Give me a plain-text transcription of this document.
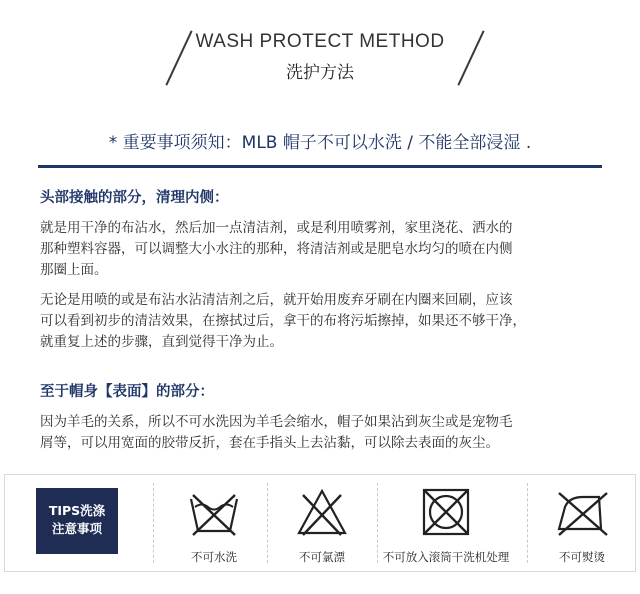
WASH PROTECT METHOD
洗护方法
* 重要事项须知：MLB 帽子不可以水洗 / 不能全部浸湿 .
头部接触的部分，清理内侧：

就是用干净的布沾水，然后加一点清洁剂，或是利用喷雾剂，家里浇花、洒水的
那种塑料容器，可以调整大小水注的那种，将清洁剂或是肥皂水均匀的喷在内侧
那圈上面。

无论是用喷的或是布沾水沾清洁剂之后，就开始用废弃牙刷在内圈来回刷，应该
可以看到初步的清洁效果，在擦拭过后，拿干的布将污垢擦掉，如果还不够干净，
就重复上述的步骤，直到觉得干净为止。

至于帽身【表面】的部分：

因为羊毛的关系，所以不可水洗因为羊毛会缩水，帽子如果沾到灰尘或是宠物毛
屑等，可以用宽面的胶带反折，套在手指头上去沾黏，可以除去表面的灰尘。

TIPS洗涤
注意事项
不可水洗	不可氯漂	不可放入滚筒干洗机处理	不可熨烫
